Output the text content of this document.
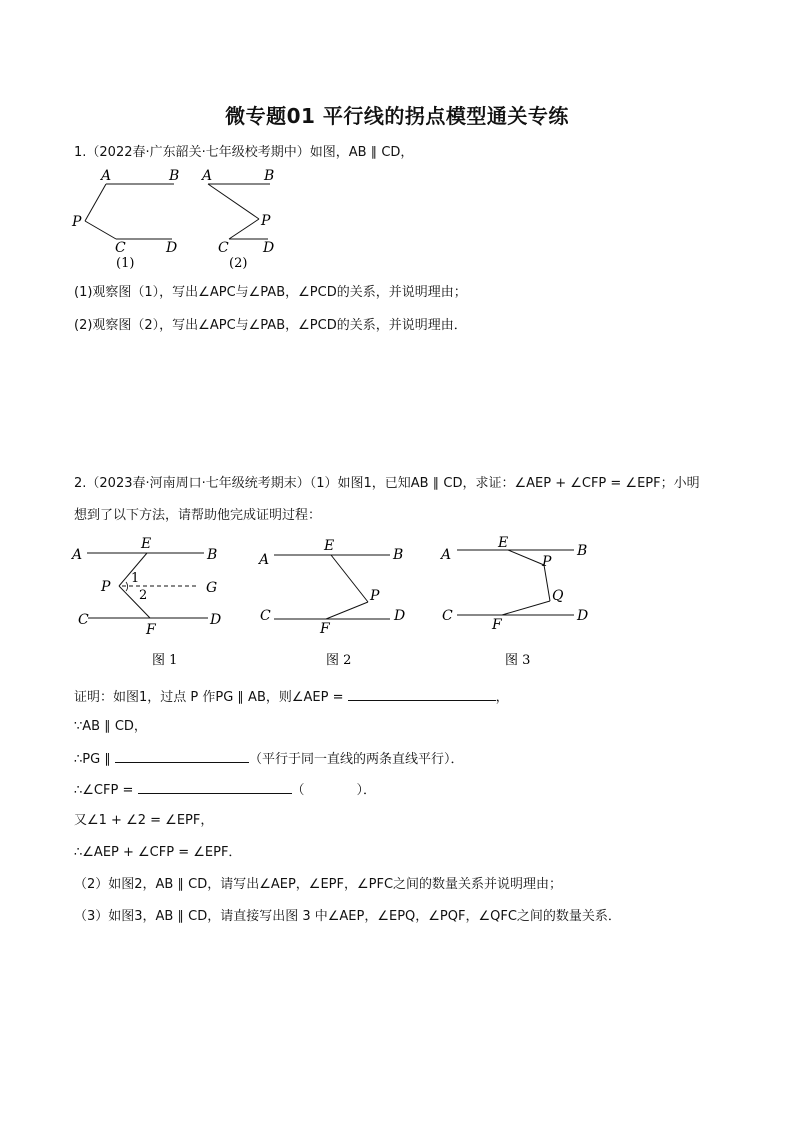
微专题01 平行线的拐点模型通关专练
1.（2022春·广东韶关·七年级校考期中）如图，AB ∥ CD，
A	B
P
C	D
(1)
A	B
P
C D
(2)
(1)观察图（1），写出∠APC与∠PAB，∠PCD的关系，并说明理由；
(2)观察图（2），写出∠APC与∠PAB，∠PCD的关系，并说明理由．
2.（2023春·河南周口·七年级统考期末）（1）如图1，已知AB ∥ CD，求证：∠AEP + ∠CFP = ∠EPF；小明
想到了以下方法，请帮助他完成证明过程：
A
E
B
P
1
2	G
C
F
D
图 1
A
E
B
P
C
F
D
图 2
A
E	B
P
Q
C
F
D
图 3
证明：如图1，过点 P 作PG ∥ AB，则∠AEP =	，
∵AB ∥ CD，
∴PG ∥	（平行于同一直线的两条直线平行）．
∴∠CFP =	（　　　　）．
又∠1 + ∠2 = ∠EPF，
∴∠AEP + ∠CFP = ∠EPF．
（2）如图2，AB ∥ CD，请写出∠AEP，∠EPF，∠PFC之间的数量关系并说明理由；
（3）如图3，AB ∥ CD，请直接写出图 3 中∠AEP，∠EPQ，∠PQF，∠QFC之间的数量关系．
